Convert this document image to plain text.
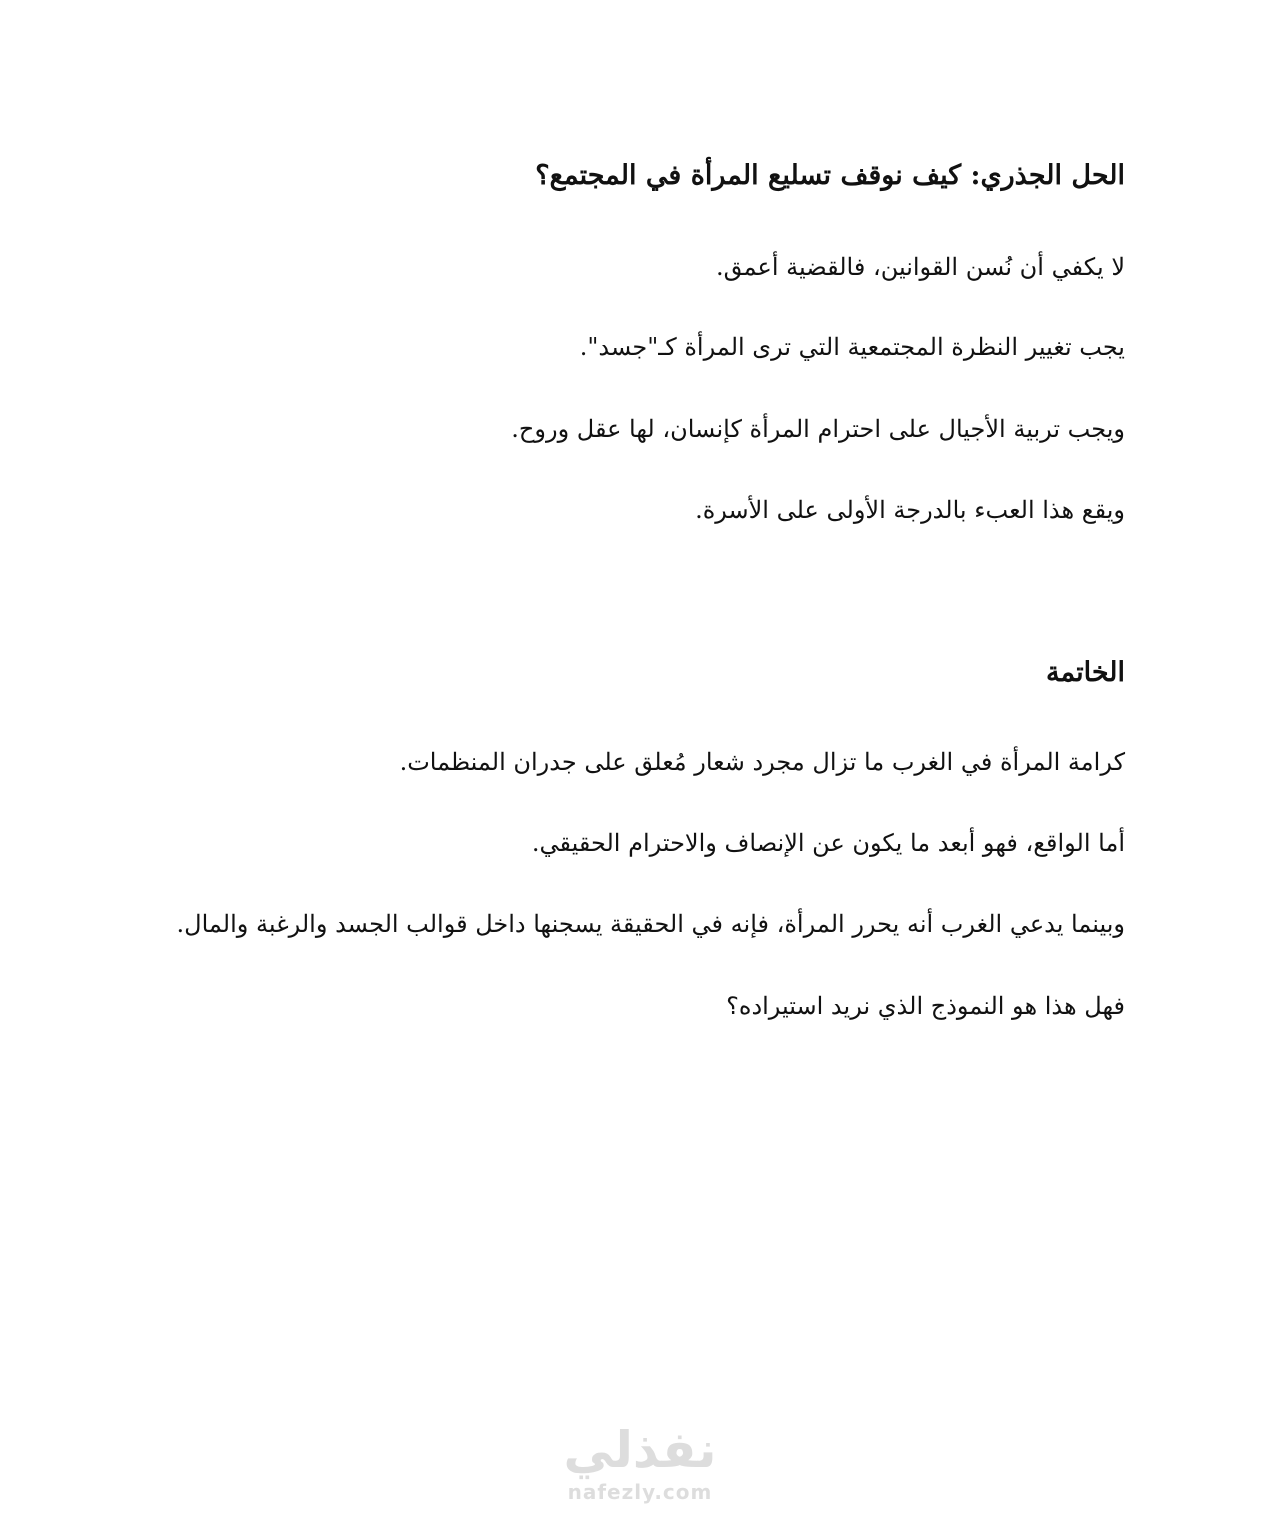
الحل الجذري: كيف نوقف تسليع المرأة في المجتمع؟
لا يكفي أن نُسن القوانين، فالقضية أعمق.
يجب تغيير النظرة المجتمعية التي ترى المرأة كـ"جسد".
ويجب تربية الأجيال على احترام المرأة كإنسان، لها عقل وروح.
ويقع هذا العبء بالدرجة الأولى على الأسرة.
الخاتمة
كرامة المرأة في الغرب ما تزال مجرد شعار مُعلق على جدران المنظمات.
أما الواقع، فهو أبعد ما يكون عن الإنصاف والاحترام الحقيقي.
وبينما يدعي الغرب أنه يحرر المرأة، فإنه في الحقيقة يسجنها داخل قوالب الجسد والرغبة والمال.
فهل هذا هو النموذج الذي نريد استيراده؟
نفذلي
nafezly.com
